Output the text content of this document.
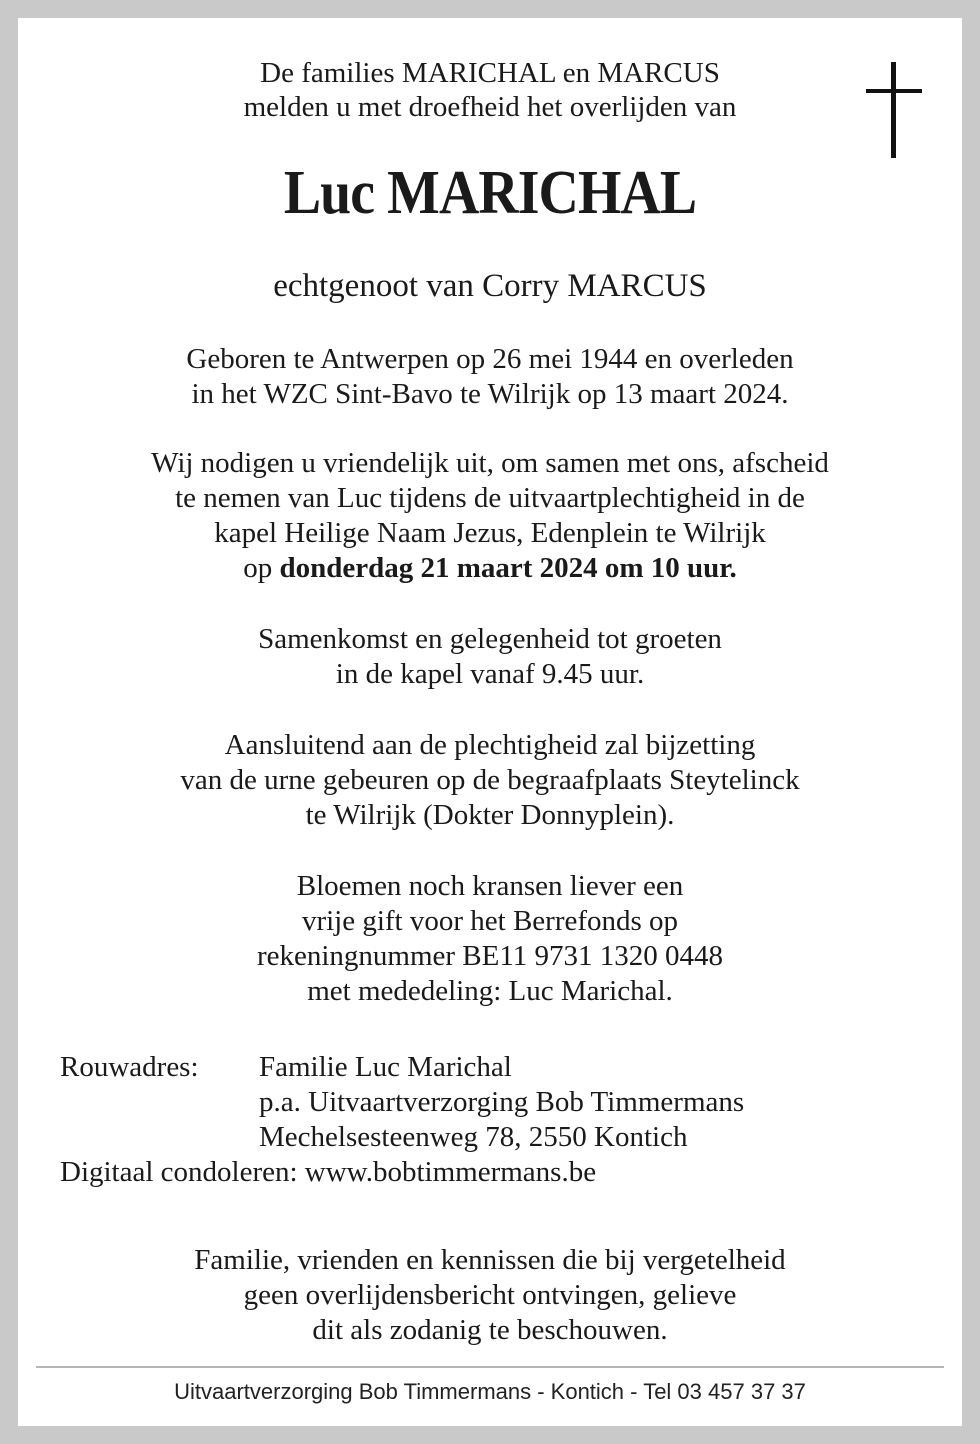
De families MARICHAL en MARCUS
melden u met droefheid het overlijden van
Luc MARICHAL
echtgenoot van Corry MARCUS
Geboren te Antwerpen op 26 mei 1944 en overleden
in het WZC Sint-Bavo te Wilrijk op 13 maart 2024.
Wij nodigen u vriendelijk uit, om samen met ons, afscheid
te nemen van Luc tijdens de uitvaartplechtigheid in de
kapel Heilige Naam Jezus, Edenplein te Wilrijk
op donderdag 21 maart 2024 om 10 uur.
Samenkomst en gelegenheid tot groeten
in de kapel vanaf 9.45 uur.
Aansluitend aan de plechtigheid zal bijzetting
van de urne gebeuren op de begraafplaats Steytelinck
te Wilrijk (Dokter Donnyplein).
Bloemen noch kransen liever een
vrije gift voor het Berrefonds op
rekeningnummer BE11 9731 1320 0448
met mededeling: Luc Marichal.
Rouwadres: Familie Luc Marichal
p.a. Uitvaartverzorging Bob Timmermans
Mechelsesteenweg 78, 2550 Kontich
Digitaal condoleren: www.bobtimmermans.be
Familie, vrienden en kennissen die bij vergetelheid
geen overlijdensbericht ontvingen, gelieve
dit als zodanig te beschouwen.
Uitvaartverzorging Bob Timmermans - Kontich - Tel 03 457 37 37
